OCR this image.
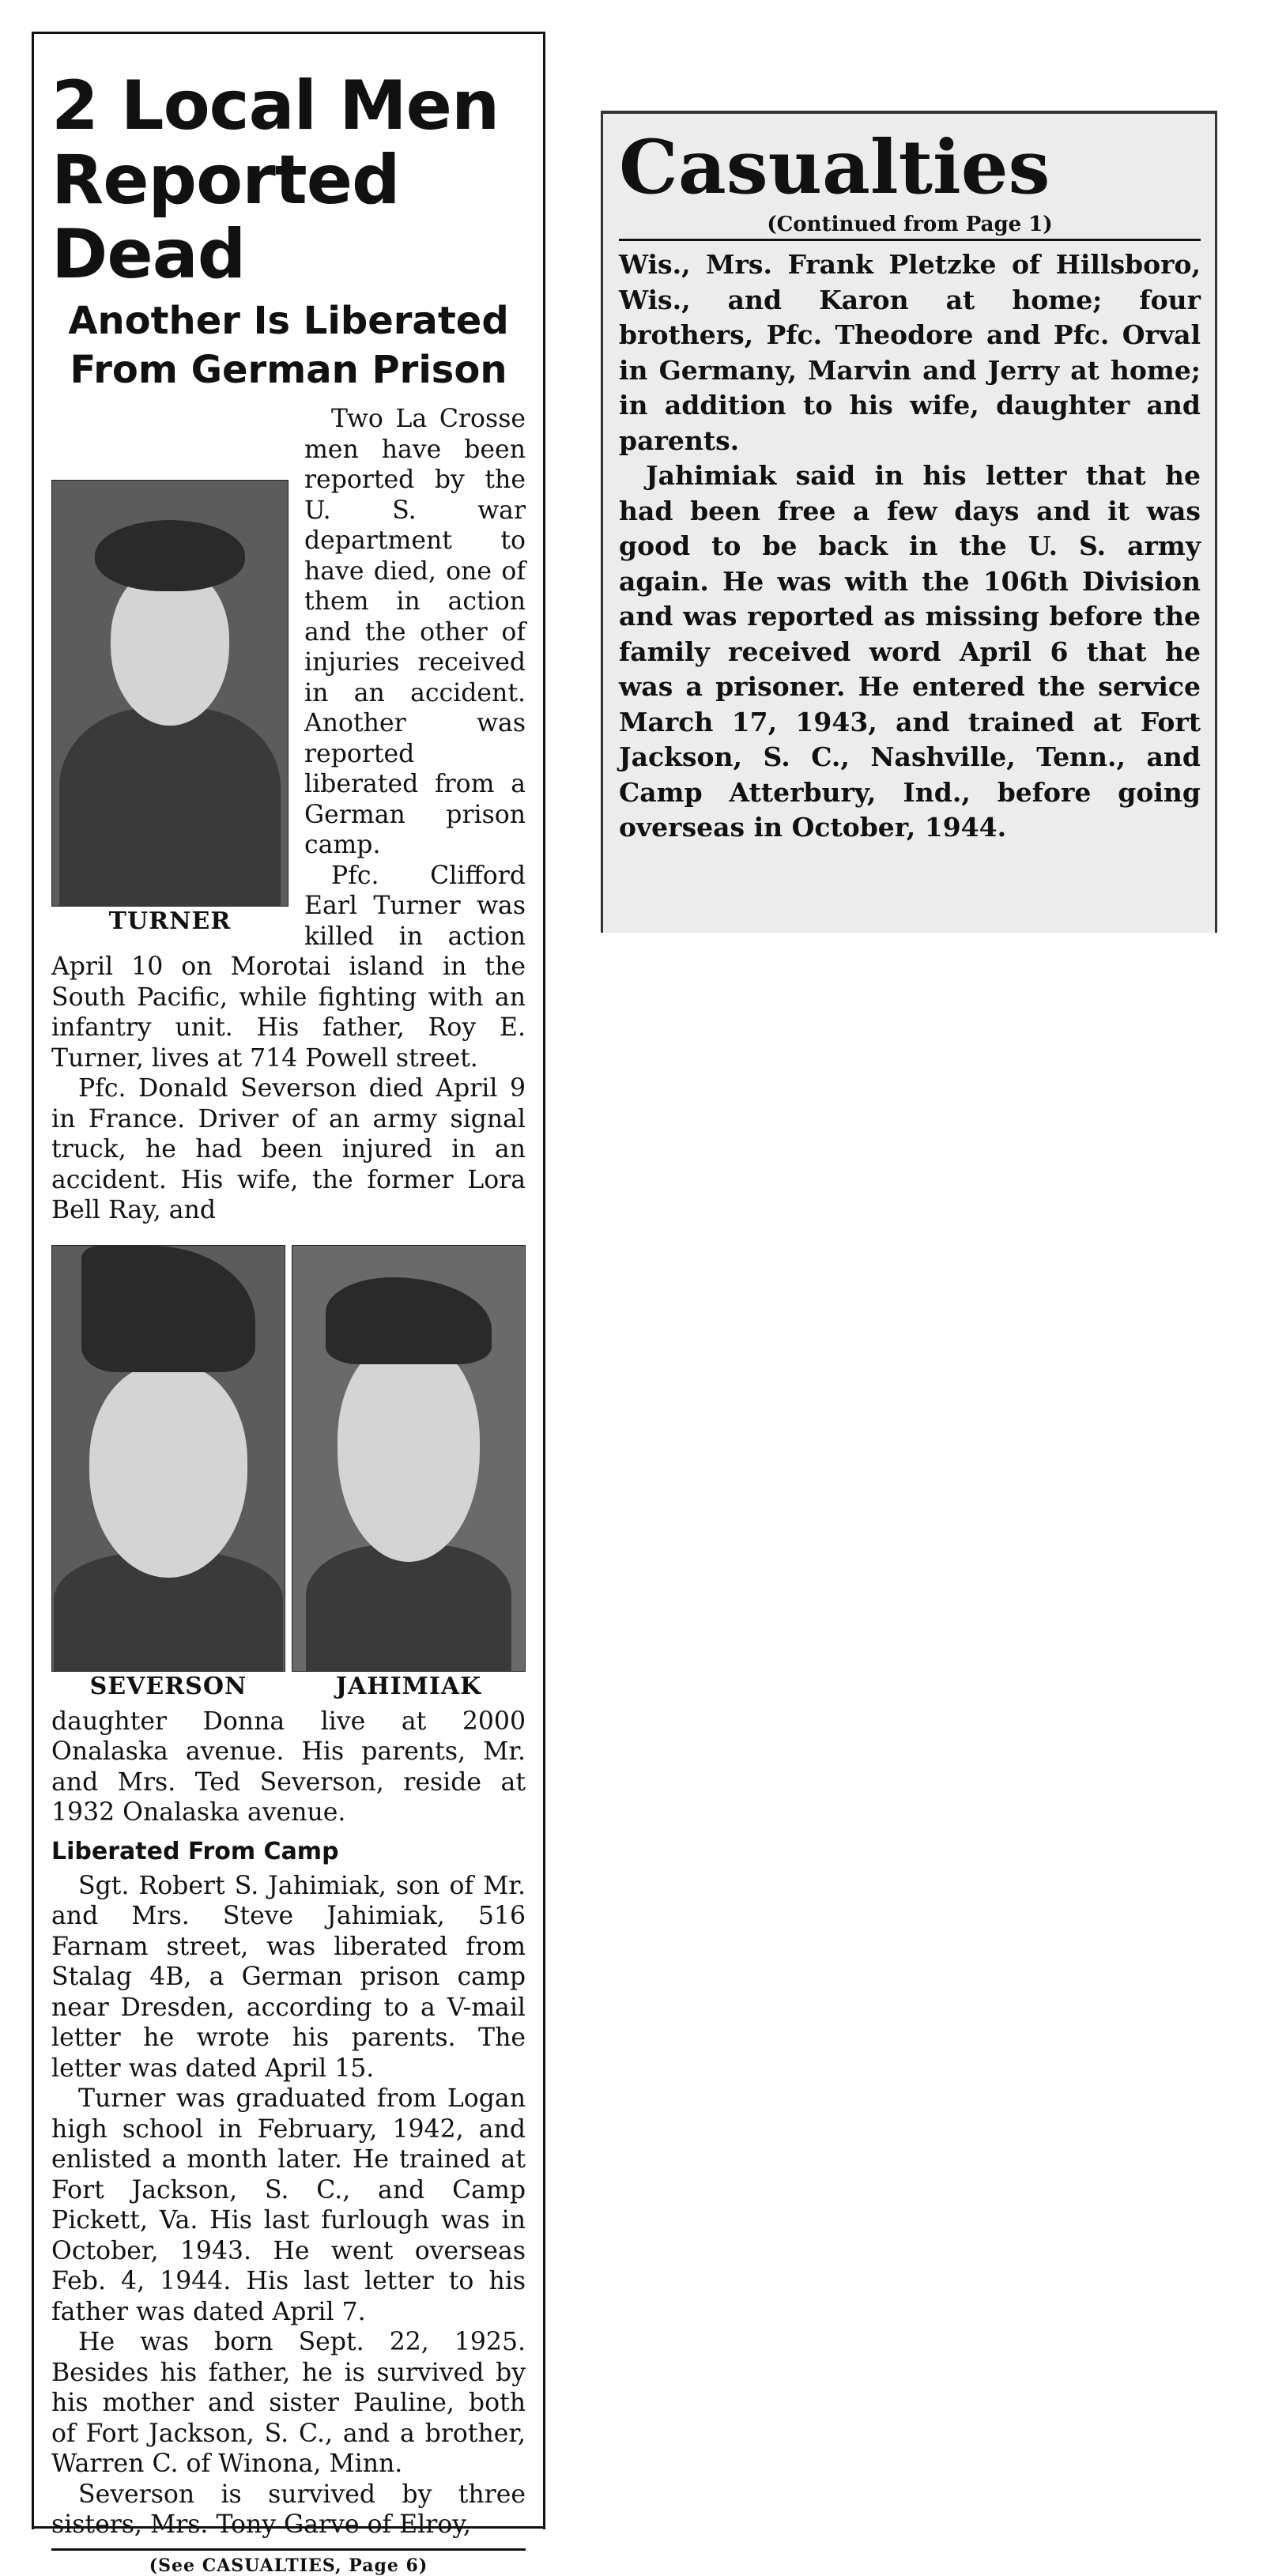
2 Local Men
Reported Dead
Another Is Liberated
From German Prison
TURNER

Two La Crosse men have been reported by the U. S. war department to have died, one of them in action and the other of injuries received in an accident. Another was reported liberated from a German prison camp.

Pfc. Clifford Earl Turner was killed in action April 10 on Morotai island in the South Pacific, while fighting with an infantry unit. His father, Roy E. Turner, lives at 714 Powell street.

Pfc. Donald Severson died April 9 in France. Driver of an army signal truck, he had been injured in an accident. His wife, the former Lora Bell Ray, and

SEVERSON	JAHIMIAK

daughter Donna live at 2000 Onalaska avenue. His parents, Mr. and Mrs. Ted Severson, reside at 1932 Onalaska avenue.

Liberated From Camp

Sgt. Robert S. Jahimiak, son of Mr. and Mrs. Steve Jahimiak, 516 Farnam street, was liberated from Stalag 4B, a German prison camp near Dresden, according to a V-mail letter he wrote his parents. The letter was dated April 15.

Turner was graduated from Logan high school in February, 1942, and enlisted a month later. He trained at Fort Jackson, S. C., and Camp Pickett, Va. His last furlough was in October, 1943. He went overseas Feb. 4, 1944. His last letter to his father was dated April 7.

He was born Sept. 22, 1925. Besides his father, he is survived by his mother and sister Pauline, both of Fort Jackson, S. C., and a brother, Warren C. of Winona, Minn.

Severson is survived by three sisters, Mrs. Tony Garve of Elroy,

(See CASUALTIES, Page 6)
Casualties
(Continued from Page 1)

Wis., Mrs. Frank Pletzke of Hillsboro, Wis., and Karon at home; four brothers, Pfc. Theodore and Pfc. Orval in Germany, Marvin and Jerry at home; in addition to his wife, daughter and parents.

Jahimiak said in his letter that he had been free a few days and it was good to be back in the U. S. army again. He was with the 106th Division and was reported as missing before the family received word April 6 that he was a prisoner. He entered the service March 17, 1943, and trained at Fort Jackson, S. C., Nashville, Tenn., and Camp Atterbury, Ind., before going overseas in October, 1944.
